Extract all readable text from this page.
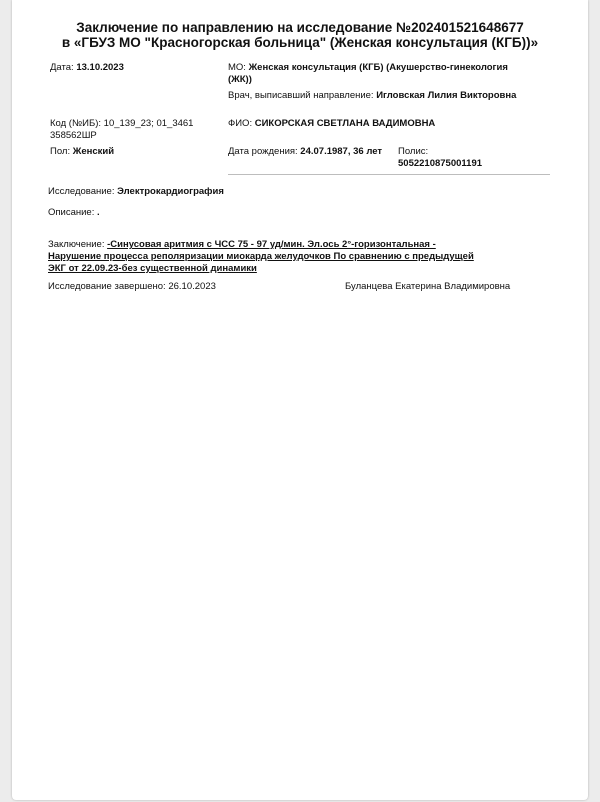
Заключение по направлению на исследование №202401521648677
в «ГБУЗ МО "Красногорская больница" (Женская консультация (КГБ))»
Дата: 13.10.2023	МО: Женская консультация (КГБ) (Акушерство-гинекология (ЖК))
Врач, выписавший направление: Игловская Лилия Викторовна
Код (№ИБ): 10_139_23; 01_3461 358562ШР
ФИО: СИКОРСКАЯ СВЕТЛАНА ВАДИМОВНА
Пол: Женский	Дата рождения: 24.07.1987, 36 лет	Полис:
5052210875001191
Исследование: Электрокардиография
Описание: .
Заключение: -Синусовая аритмия с ЧСС 75 - 97 уд/мин. Эл.ось 2°-горизонтальная -
Нарушение процесса реполяризации миокарда желудочков По сравнению с предыдущей
ЭКГ от 22.09.23-без существенной динамики
Исследование завершено: 26.10.2023	Буланцева Екатерина Владимировна
